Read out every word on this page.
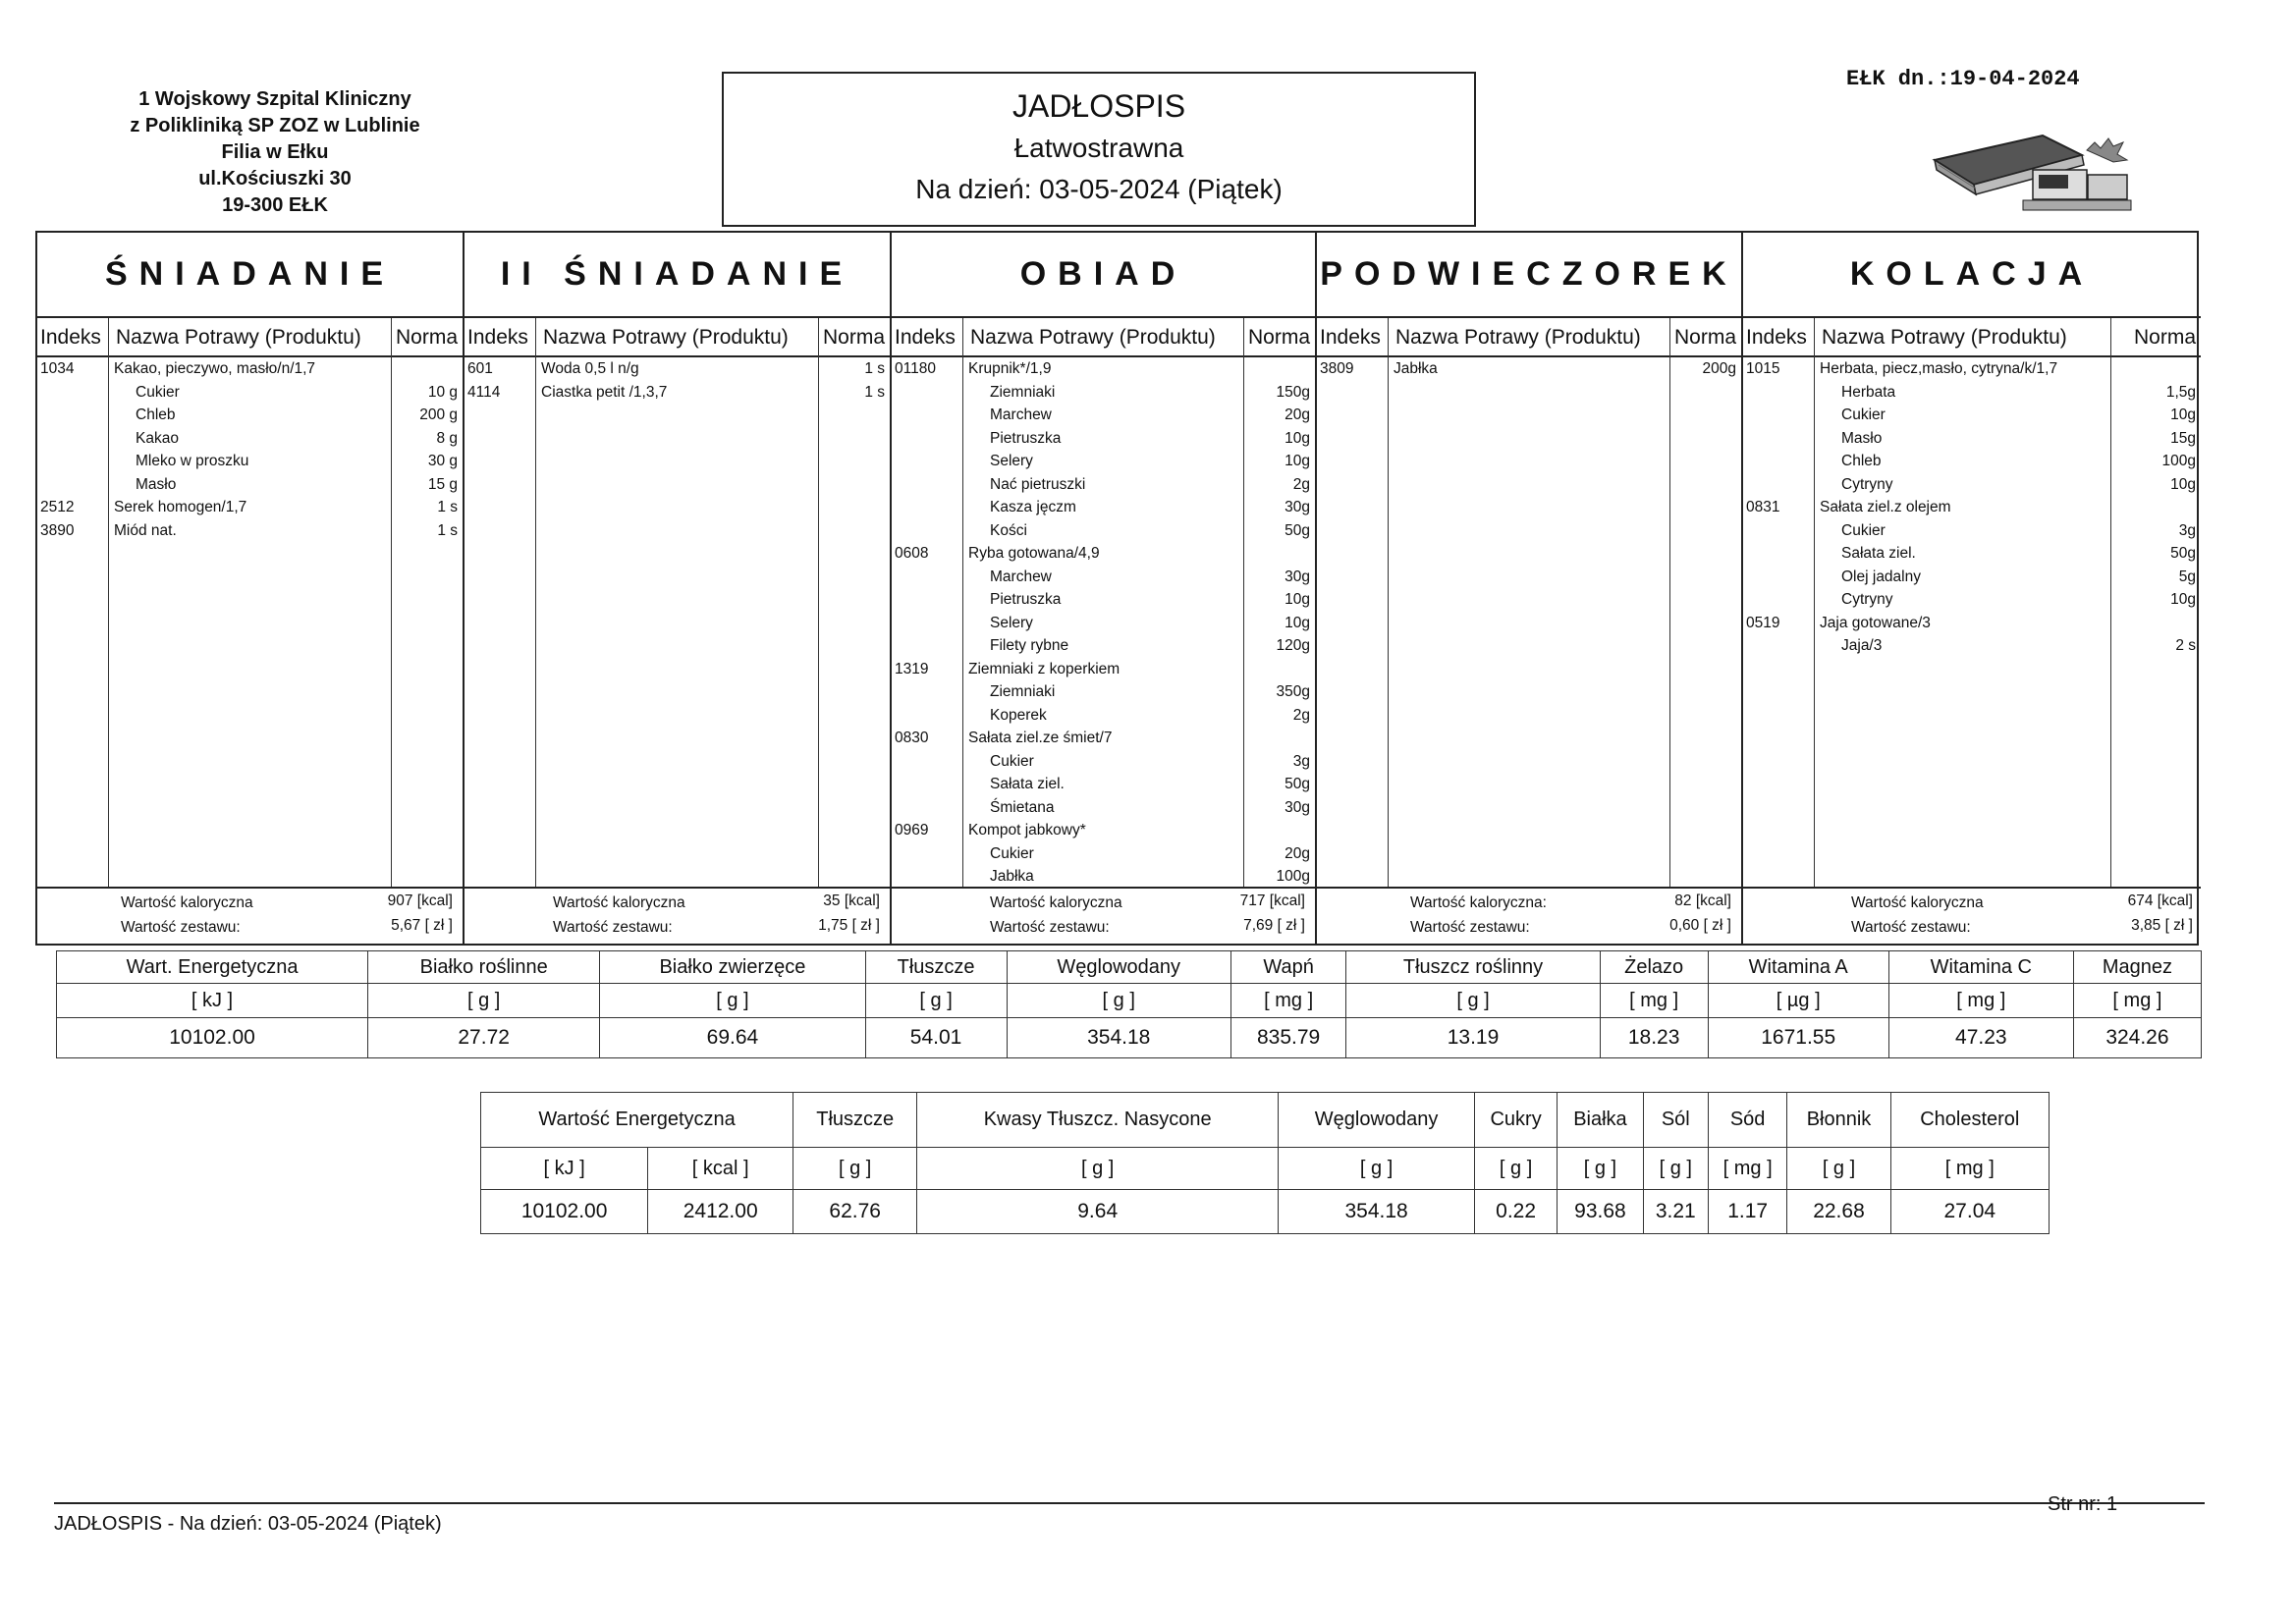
1 Wojskowy Szpital Kliniczny
z Polikliniką SP ZOZ w Lublinie
Filia w Ełku
ul.Kościuszki 30
19-300 EŁK
JADŁOSPIS
Łatwostrawna
Na dzień: 03-05-2024 (Piątek)
EŁK dn.:19-04-2024
ŚNIADANIE
Indeks Nazwa Potrawy (Produktu) Norma
1034	Kakao, pieczywo, masło/n/1,7
Cukier	10 g
Chleb	200 g
Kakao	8 g
Mleko w proszku	30 g
Masło	15 g
2512	Serek homogen/1,7	1 s
3890	Miód nat.	1 s
Wartość kaloryczna	907 [kcal]
Wartość zestawu:	5,67 [ zł ]
II ŚNIADANIE
Indeks Nazwa Potrawy (Produktu) Norma
601	Woda 0,5 l n/g	1 s
4114	Ciastka petit /1,3,7	1 s
Wartość kaloryczna	35 [kcal]
Wartość zestawu:	1,75 [ zł ]
OBIAD
Indeks Nazwa Potrawy (Produktu) Norma
01180 Krupnik*/1,9
Ziemniaki	150g
Marchew	20g
Pietruszka	10g
Selery	10g
Nać pietruszki	2g
Kasza jęczm	30g
Kości	50g
0608	Ryba gotowana/4,9
Marchew	30g
Pietruszka	10g
Selery	10g
Filety rybne	120g
1319	Ziemniaki z koperkiem
Ziemniaki	350g
Koperek	2g
0830	Sałata ziel.ze śmiet/7
Cukier	3g
Sałata ziel.	50g
Śmietana	30g
0969	Kompot jabkowy*
Cukier	20g
Jabłka	100g
Wartość kaloryczna	717 [kcal]
Wartość zestawu:	7,69 [ zł ]
PODWIECZOREK
Indeks Nazwa Potrawy (Produktu) Norma
3809	Jabłka	200g
Wartość kaloryczna:	82 [kcal]
Wartość zestawu:	0,60 [ zł ]
KOLACJA
Indeks Nazwa Potrawy (Produktu)	Norma
1015	Herbata, piecz,masło, cytryna/k/1,7
Herbata	1,5g
Cukier	10g
Masło	15g
Chleb	100g
Cytryny	10g
0831	Sałata ziel.z olejem
Cukier	3g
Sałata ziel.	50g
Olej jadalny	5g
Cytryny	10g
0519	Jaja gotowane/3
Jaja/3	2 s
Wartość kaloryczna	674 [kcal]
Wartość zestawu:	3,85 [ zł ]
Wart. Energetyczna	Białko roślinne	Białko zwierzęce	Tłuszcze	Węglowodany	Wapń	Tłuszcz roślinny	Żelazo	Witamina A	Witamina C	Magnez
[ kJ ]	[ g ]	[ g ]	[ g ]	[ g ]	[ mg ]	[ g ]	[ mg ]	[ µg ]	[ mg ]	[ mg ]
10102.00	27.72	69.64	54.01	354.18	835.79	13.19	18.23	1671.55	47.23	324.26
Wartość Energetyczna		Tłuszcze	Kwasy Tłuszcz. Nasycone	Węglowodany	Cukry	Białka	Sól	Sód	Błonnik	Cholesterol
[ kJ ]	[ kcal ]	[ g ]	[ g ]	[ g ]	[ g ]	[ g ]	[ g ]	[ mg ]	[ g ]	[ mg ]
10102.00	2412.00	62.76	9.64	354.18	0.22	93.68	3.21	1.17	22.68	27.04
JADŁOSPIS - Na dzień: 03-05-2024 (Piątek)
Str nr: 1
